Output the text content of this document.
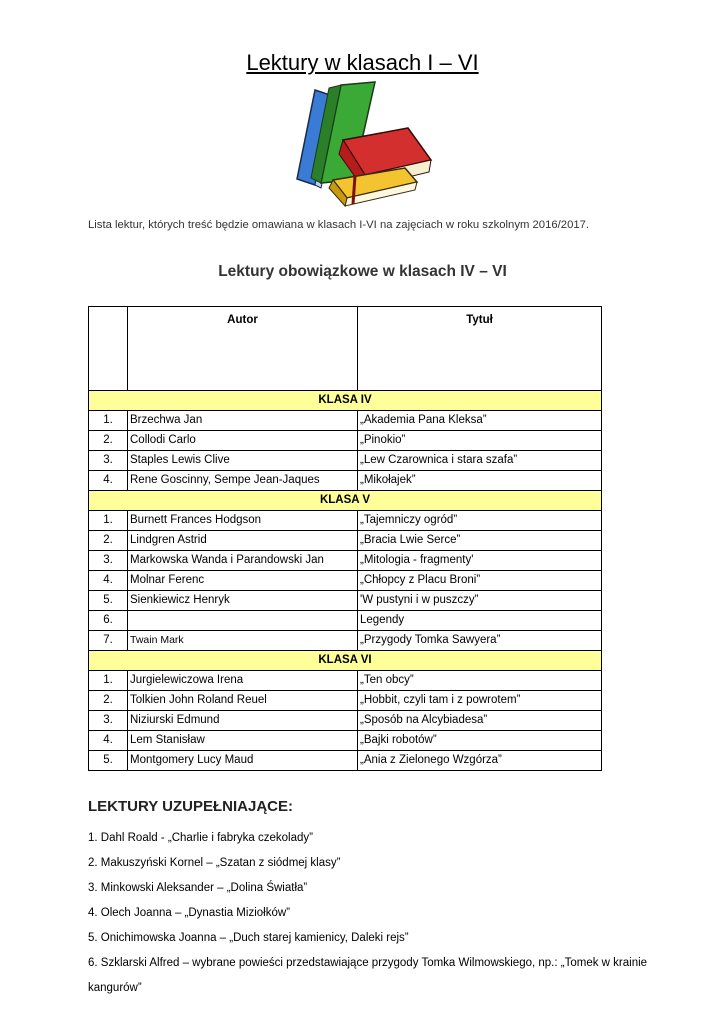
Lektury w klasach I – VI
Lista lektur, których treść będzie omawiana w klasach I-VI na zajęciach w roku szkolnym 2016/2017.
Lektury obowiązkowe w klasach IV – VI
	Autor	Tytuł
KLASA IV		
1.	Brzechwa Jan	„Akademia Pana Kleksa”
2.	Collodi Carlo	„Pinokio”
3.	Staples Lewis Clive	„Lew Czarownica i stara szafa”
4.	Rene Goscinny, Sempe Jean-Jaques	„Mikołajek”
KLASA V		
1.	Burnett Frances Hodgson	„Tajemniczy ogród”
2.	Lindgren Astrid	„Bracia Lwie Serce”
3.	Markowska Wanda i Parandowski Jan	„Mitologia - fragmenty'
4.	Molnar Ferenc	„Chłopcy z Placu Broni”
5.	Sienkiewicz Henryk	'W pustyni i w puszczy”
6.		Legendy
7.	Twain Mark	„Przygody Tomka Sawyera”
KLASA VI		
1.	Jurgielewiczowa Irena	„Ten obcy”
2.	Tolkien John Roland Reuel	„Hobbit, czyli tam i z powrotem”
3.	Niziurski Edmund	„Sposób na Alcybiadesa”
4.	Lem Stanisław	„Bajki robotów”
5.	Montgomery Lucy Maud	„Ania z Zielonego Wzgórza”
LEKTURY UZUPEŁNIAJĄCE:
1. Dahl Roald - „Charlie i fabryka czekolady”
2. Makuszyński Kornel – „Szatan z siódmej klasy”
3. Minkowski Aleksander – „Dolina Światła”
4. Olech Joanna – „Dynastia Miziołków”
5. Onichimowska Joanna – „Duch starej kamienicy, Daleki rejs”
6. Szklarski Alfred – wybrane powieści przedstawiające przygody Tomka Wilmowskiego, np.: „Tomek w krainie kangurów”
